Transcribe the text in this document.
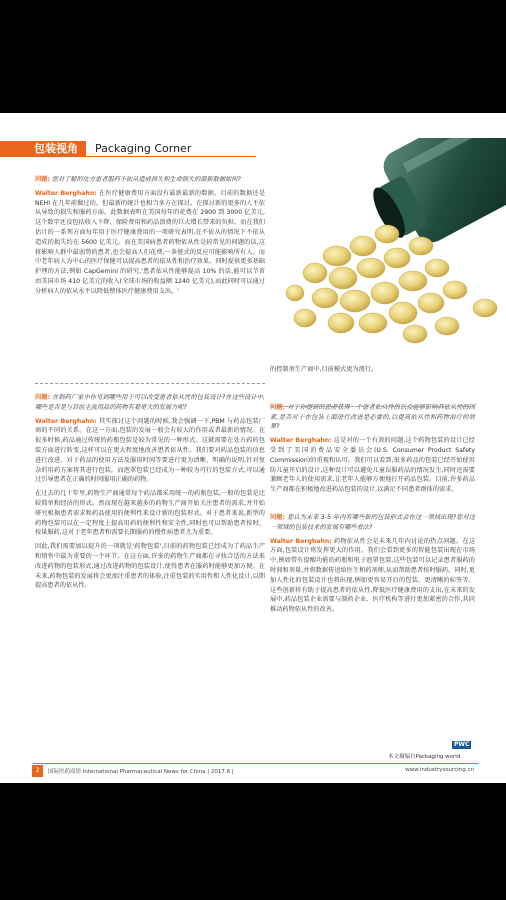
包装视角 Packaging Corner

问题: 您对了解的处方患者服药不依从造成损失和生命损失的最新数据如何?

Walter Berghahn: 在医疗健康费用方面没有最新最新的数据。目前的数据还是 NEHI 在几年前做过的。但最新的统计也相当多方在探讨。在探讨新的更多的人不依从导致的损失和服药方面。此数据表明在美国每年的花费在 2900 到 3000 亿美元,这个数字还没包括收入下降、保险费用和药品浪费的巨大增长带来的负担。而在我们估计的一系列方面每年用于医疗健康费用的一项研究表明,在不依从的情况下不依从造成的损失约在 5600 亿美元。而在美国病患者药物依从性是较常见的问题的话,这将影响人群中最弱势的患者,也会提高人们花费,一条链式的反应可能影响所有人。而中老年病人为中心的医疗保健可以提高患者的依从性和治疗效果。同时提供更多基础护理的方法,例如 CapGemini 的研究,'患者依从性能够提高 10% 的话,能可以节省由美国市场 410 亿美元的收入(全球市场的收益额 1240 亿美元),而此同时可以通过分析病人的依从水平以降低整体医疗健康费用支出。'

问题: 在制药厂家中你见到哪些用于可以改变患者依从性的包装设计?在这些设计中,哪些是否是与目前主流用品的药物有着更大的发展力呢?

Walter Berghahn: 其实探讨这个问题的时候,我会强调一下,PBM 与药品包装厂商的不同的关系。在这一方面,包装的发展一般会有较大的作用或者最新的情况。在很多时候,药品通过传统的药瓶包装是较为常见的一种形式。这就需要在处方药的包装方面进行转变,这样可以在更大程度地改善患者依从性。我们要对药品包装的信息进行改进、对于药品的使用方法及服用时间等要进行更为清晰、明确的说明,针对复杂的用药方案将其进行包装。而泡罩包装已经成为一种较为可行的包装方式,可以通过引导患者在正确的时间服用正确的药物。

在过去的几十年里,药物生产商通常每个药品都采用统一的药瓶包装,一般的包装是比较简单和经济的形式。然而现在越来越多的药物生产商开始关注患者的需求,并开始研究根据患者需求和药品使用的便利性来设计新的包装形式。对于患者来说,新型的药物包装可以在一定程度上提高用药的便利性和安全性,同时也可以帮助患者按时、按量服药,这对于老年患者和需要长期服药的慢性病患者尤为重要。

因此,我们需要加以提升的一项就是'药物包装',目前的药物包装已经成为了药品生产和销售中最为重要的一个环节。在这方面,许多的药物生产商都在寻找合适的方法来改进药物的包装形式,通过改进药物的包装设计,使得患者在服药时能够更加方便。在未来,药物包装的发展将会更加注重患者的体验,注重包装的实用性和人性化设计,以期提高患者的依从性。

的控制剂生产商中,目前模式更为流行。

问题: 对于你提到的患者获得一个患者依从性的以及能够影响其依从性的因素,是否对于在包装上面进行改进是必要的,以提高依从性和药物治疗的效果?

Walter Berghahn: 这是对的一个有效的问题,这个药物包装的设计已经受到了美国消费品安全委员会(U.S. Consumer Product Safety Commission)的重视和认可。我们可以看到,很多药品的包装已经开始使用防儿童开启的设计,这种设计可以避免儿童误服药品的情况发生,同时还需要兼顾老年人的使用需求,让老年人能够方便地打开药品包装。目前,许多药品生产商都在积极地改进药品包装的设计,以满足不同患者群体的需求。

问题: 您认为未来 3-5 年内有哪些新的包装形式会在这一领域出现?您对这一领域的包装技术的发展有哪些看法?

Walter Berghahn: 药物依从性会是未来几年内讨论的热点问题。在这方面,包装设计将发挥更大的作用。我们会看到更多的智能包装出现在市场中,例如带有提醒功能的药瓶和电子泡罩包装,这些包装可以记录患者服药的时间和剂量,并将数据传送给医生和药剂师,从而帮助患者按时服药。同时,更加人性化的包装设计也将出现,例如更容易开启的包装、更清晰的标签等。这些创新将有助于提高患者的依从性,降低医疗健康费用的支出,在未来的发展中,药品包装企业需要与制药企业、医疗机构等进行更加紧密的合作,共同推动药物依从性的改善。

PWC
本文摘编自Packaging world
2	国际医药商情 International Pharmaceutical News for China | 2017.6 |	www.industrysourcing.cn
